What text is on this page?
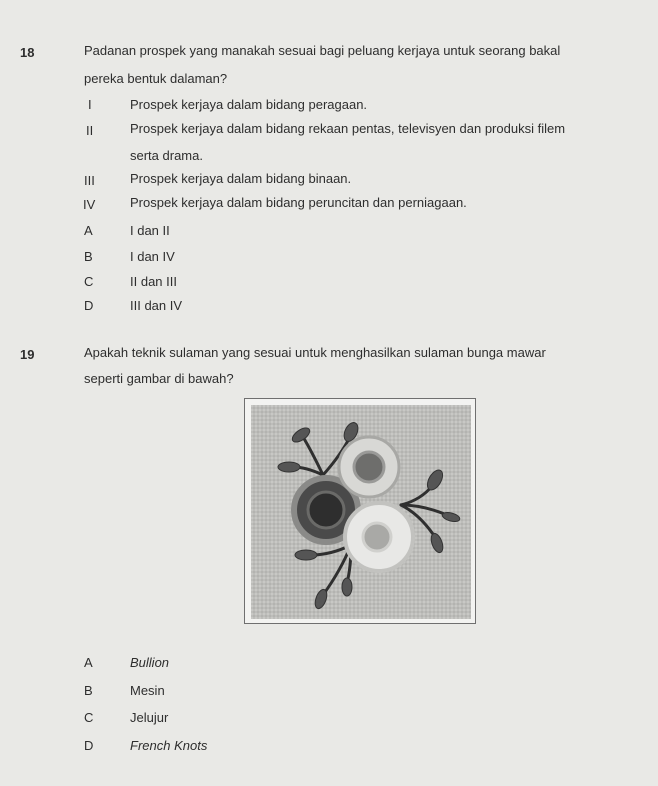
18	Padanan prospek yang manakah sesuai bagi peluang kerjaya untuk seorang bakal
pereka bentuk dalaman?
I	Prospek kerjaya dalam bidang peragaan.
II	Prospek kerjaya dalam bidang rekaan pentas, televisyen dan produksi filem
serta drama.
III	Prospek kerjaya dalam bidang binaan.
IV	Prospek kerjaya dalam bidang peruncitan dan perniagaan.
A	I dan II
B	I dan IV
C	II dan III
D	III dan IV
19	Apakah teknik sulaman yang sesuai untuk menghasilkan sulaman bunga mawar
seperti gambar di bawah?
A	Bullion
B	Mesin
C	Jelujur
D	French Knots
